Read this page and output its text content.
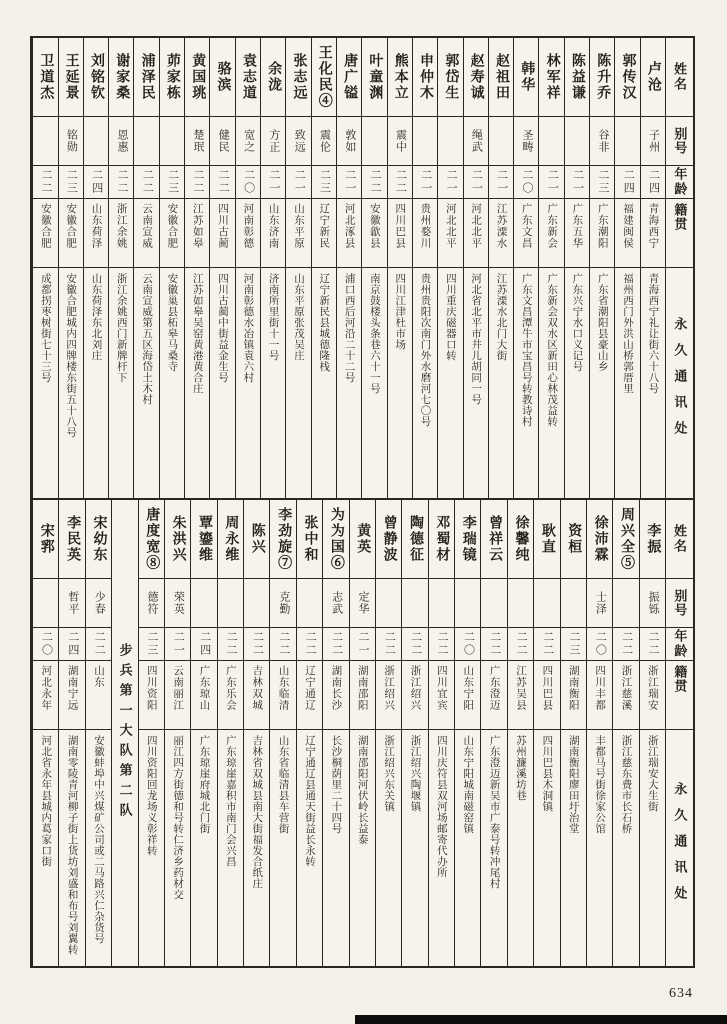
姓名
别号
年龄
籍贯
永久通讯处
卢沧
子州
二四
青海西宁
青海西宁礼让街六十八号
郭传汉
二四
福建闽侯
福州西门外洪山桥郭厝里
陈升乔
谷非
二三
广东潮阳
广东省潮阳县豪山乡
陈益谦
二一
广东五华
广东兴宁水口义记号
林军祥
二一
广东新会
广东新会双水区新田心林茂益转
韩华
圣畴
二〇
广东文昌
广东文昌潭牛市宝昌号转教诗村
赵祖田
二一
江苏溧水
江苏溧水北门大街
赵寿诚
绳武
二一
河北北平
河北省北平市井儿胡同一号
郭岱生
二一
河北北平
四川重庆磁器口转
申仲木
二一
贵州婺川
贵州贵阳次南门外水磨河七〇号
熊本立
震中
二二
四川巴县
四川江津杜市场
叶童渊
二二
安徽歙县
南京鼓楼头条巷六十一号
唐广镒
敦如
二一
河北涿县
浦口西后河沿二十二号
王化民④
震伦
二三
辽宁新民
辽宁新民县城德隆栈
张志远
致远
二一
山东平原
山东平原张茂吴庄
余泷
方正
二一
山东济南
济南所里街十一号
袁志道
宽之
二〇
河南彰德
河南彰德水冶镇袁六村
骆滨
健民
二二
四川古蔺
四川古蔺中街益金生号
黄国珧
楚珉
二二
江苏如皋
江苏如皋吴窑黄港黄合庄
茆家栋
二三
安徽合肥
安徽巢县柘皋马桑寺
浦泽民
二二
云南宣威
云南宣威第五区海岱土木村
谢家桑
恩惠
二二
浙江余姚
浙江余姚西门新牌杆下
刘铭钦
二四
山东荷泽
山东荷泽东北刘庄
王延景
铭勋
二三
安徽合肥
安徽合肥城内四牌楼东街五十八号
卫道杰
二二
安徽合肥
成都拐枣树街七十三号
姓名
别号
年龄
籍贯
永久通讯处
李振
振铄
二二
浙江瑞安
浙江瑞安大生街
周兴全⑤
二二
浙江慈溪
浙江慈东费市长石桥
徐沛霖
士泽
二〇
四川丰都
丰都马号街徐家公馆
资桓
二三
湖南衡阳
湖南衡阳廖田圩治堂
耿直
二二
四川巴县
四川巴县木洞镇
徐馨纯
二二
江苏吴县
苏州濂溪坊巷
曾祥云
二二
广东澄迈
广东澄迈新吴市广泰号转冲尾村
李瑞镜
二〇
山东宁阳
山东宁阳城南磁窑镇
邓蜀材
二二
四川宜宾
四川庆符县双河场邮寄代办所
陶德征
二二
浙江绍兴
浙江绍兴陶堰镇
曾静波
二二
浙江绍兴
浙江绍兴东关镇
黄英
定华
二一
湖南邵阳
湖南邵阳河伏岭长益泰
为为国⑥
志武
二二
湖南长沙
长沙桐荫里二十四号
张中和
二二
辽宁通辽
辽宁通辽县通天街益长永转
李劲旋⑦
克勤
二二
山东临清
山东省临清县车营街
陈兴
二二
吉林双城
吉林省双城县南大街福发合纸庄
周永维
二二
广东乐会
广东琼崖嘉积市南门会兴昌
覃鎏维
二四
广东琼山
广东琼崖府城北门街
朱洪兴
荣英
二一
云南丽江
丽江四方街德和号转仁济乡药材交
唐度宽⑧
德符
二三
四川资阳
四川资阳回龙场义彰祥转
步兵第一大队第二队
宋幼东
少春
二二
山东
安徽蚌埠中兴煤矿公司或二马路兴仁杂货号
李民英
哲平
二四
湖南宁远
湖南零陵青河柳子街上货坊刘盛和布号刘翼转
宋郛
二〇
河北永年
河北省永年县城内葛家口街
634
